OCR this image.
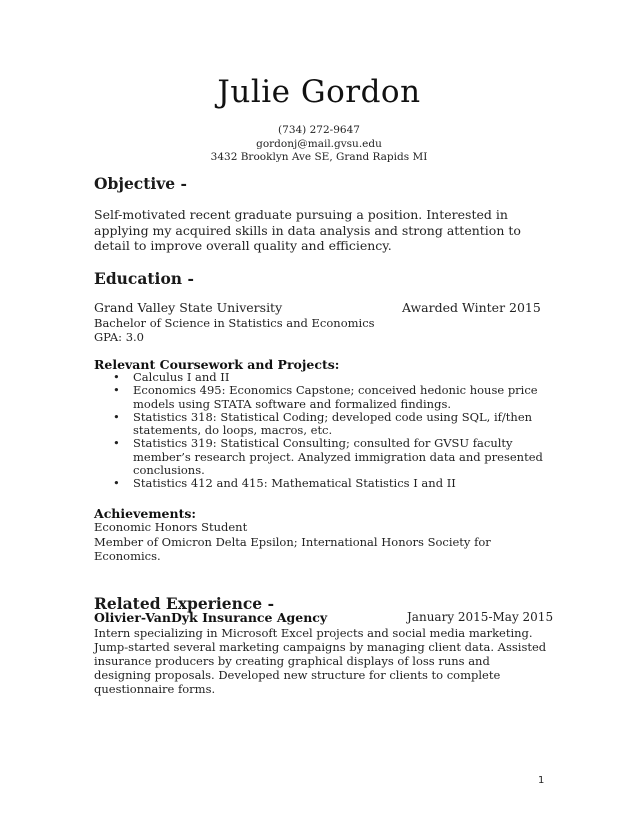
Julie Gordon
(734) 272-9647
gordonj@mail.gvsu.edu
3432 Brooklyn Ave SE, Grand Rapids MI
Objective -
Self-motivated recent graduate pursuing a position. Interested in
applying my acquired skills in data analysis and strong attention to
detail to improve overall quality and efficiency.
Education -
Grand Valley State University	Awarded Winter 2015
Bachelor of Science in Statistics and Economics
GPA: 3.0
Relevant Coursework and Projects:
• Calculus I and II
• Economics 495: Economics Capstone; conceived hedonic house price
models using STATA software and formalized findings.
• Statistics 318: Statistical Coding; developed code using SQL, if/then
statements, do loops, macros, etc.
• Statistics 319: Statistical Consulting; consulted for GVSU faculty
member’s research project. Analyzed immigration data and presented
conclusions.
• Statistics 412 and 415: Mathematical Statistics I and II
Achievements:
Economic Honors Student
Member of Omicron Delta Epsilon; International Honors Society for
Economics.
Related Experience -
Olivier-VanDyk Insurance Agency	January 2015-May 2015
Intern specializing in Microsoft Excel projects and social media marketing.
Jump-started several marketing campaigns by managing client data. Assisted
insurance producers by creating graphical displays of loss runs and
designing proposals. Developed new structure for clients to complete
questionnaire forms.
1
